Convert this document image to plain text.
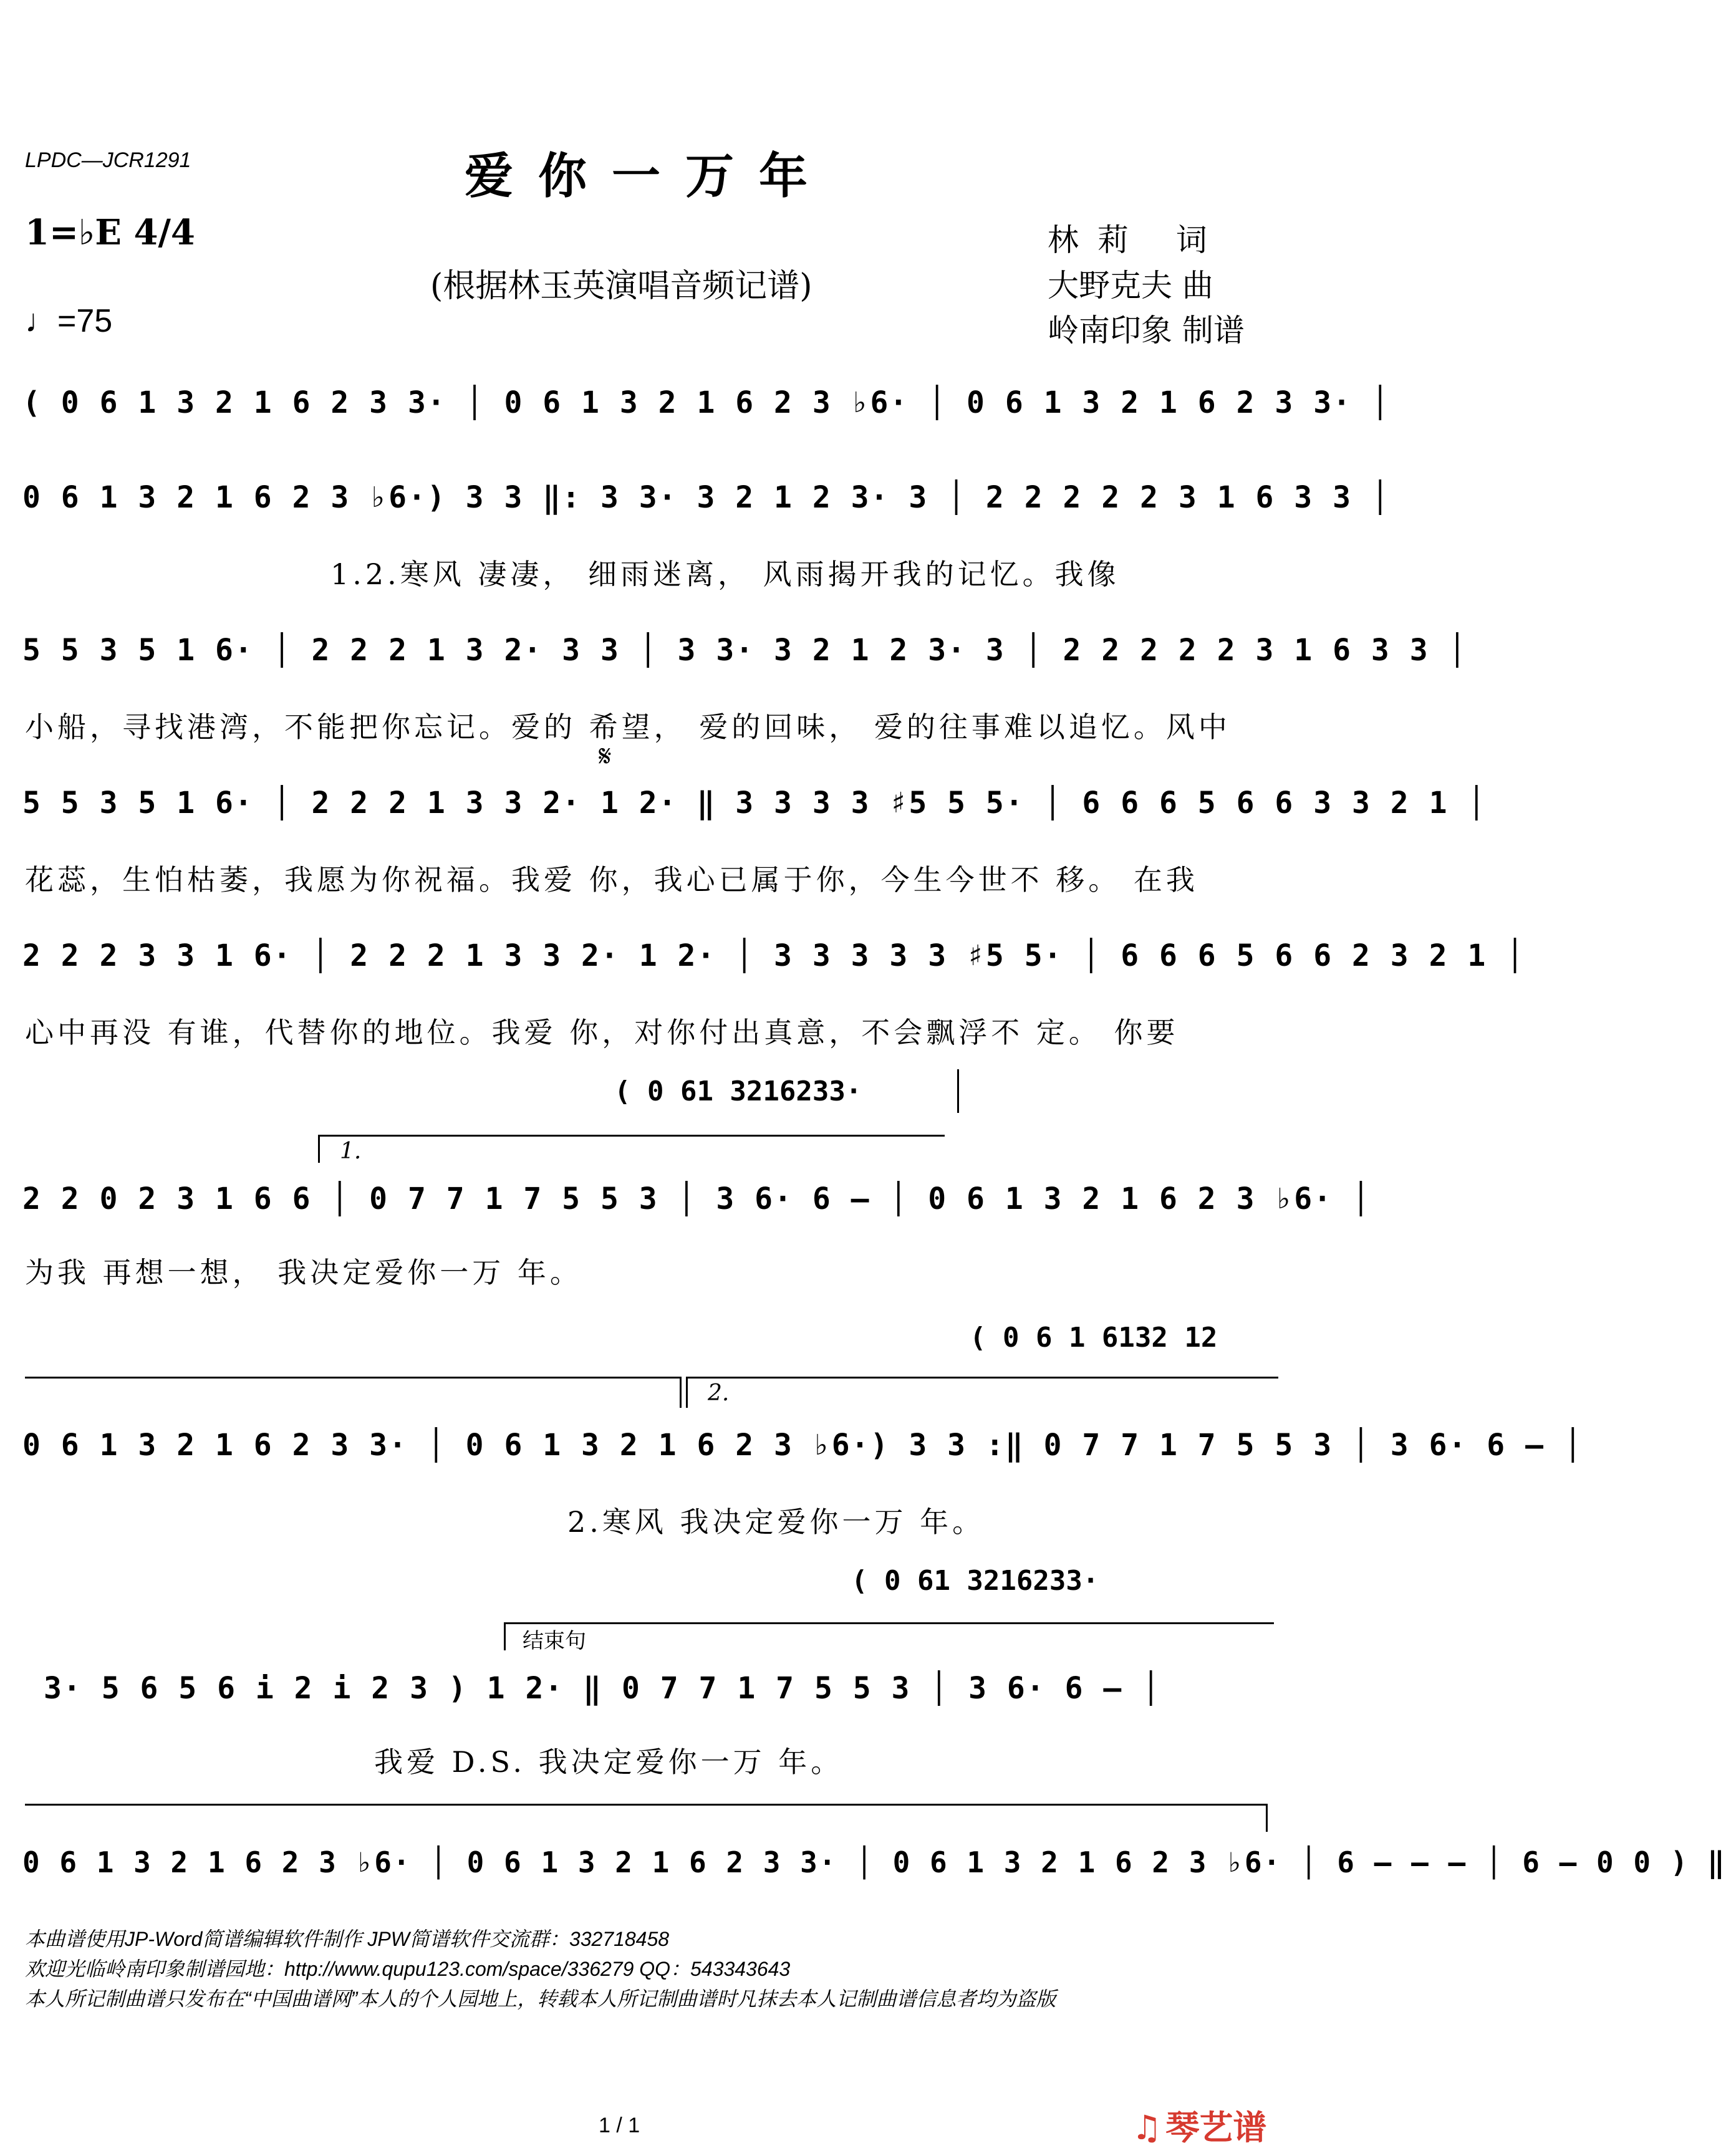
LPDC—JCR1291	爱你一万年
1=♭E 4/4
♩=75
(根据林玉英演唱音频记谱)
林莉 词
大野克夫 曲
岭南印象 制谱
( 0 6 1 3 2 1 6 2 3 3· │ 0 6 1 3 2 1 6 2 3 ♭6· │ 0 6 1 3 2 1 6 2 3 3· │
0 6 1 3 2 1 6 2 3 ♭6·) 3 3 ‖: 3 3· 3 2 1 2 3· 3 │ 2 2 2 2 2 3 1 6 3 3 │
1.2.寒风 凄凄， 细雨迷离， 风雨揭开我的记忆。我像
5 5 3 5 1 6· │ 2 2 2 1 3 2· 3 3 │ 3 3· 3 2 1 2 3· 3 │ 2 2 2 2 2 3 1 6 3 3 │
小船，寻找港湾，不能把你忘记。爱的 希望， 爱的回味， 爱的往事难以追忆。风中
𝄋
5 5 3 5 1 6· │ 2 2 2 1 3 3 2· 1 2· ‖ 3 3 3 3 ♯5 5 5· │ 6 6 6 5 6 6 3 3 2 1 │
花蕊，生怕枯萎，我愿为你祝福。我爱 你，我心已属于你，今生今世不 移。 在我
2 2 2 3 3 1 6· │ 2 2 2 1 3 3 2· 1 2· │ 3 3 3 3 3 ♯5 5· │ 6 6 6 5 6 6 2 3 2 1 │
心中再没 有谁，代替你的地位。我爱 你，对你付出真意，不会飘浮不 定。 你要
( 0 61 3216233·
1.
2 2 0 2 3 1 6 6 │ 0 7 7 1 7 5 5 3 │ 3 6· 6 – │ 0 6 1 3 2 1 6 2 3 ♭6· │
为我 再想一想， 我决定爱你一万 年。
( 0 6 1 6132 12
2.
0 6 1 3 2 1 6 2 3 3· │ 0 6 1 3 2 1 6 2 3 ♭6·) 3 3 :‖ 0 7 7 1 7 5 5 3 │ 3 6· 6 – │
2.寒风 我决定爱你一万 年。
( 0 61 3216233·
结束句
3· 5 6 5 6 i 2 i 2 3 ) 1 2· ‖ 0 7 7 1 7 5 5 3 │ 3 6· 6 – │
我爱 D.S. 我决定爱你一万 年。
0 6 1 3 2 1 6 2 3 ♭6· │ 0 6 1 3 2 1 6 2 3 3· │ 0 6 1 3 2 1 6 2 3 ♭6· │ 6 – – – │ 6 – 0 0 ) ‖
本曲谱使用JP-Word简谱编辑软件制作 JPW简谱软件交流群：332718458
欢迎光临岭南印象制谱园地：http://www.qupu123.com/space/336279 QQ：543343643
本人所记制曲谱只发布在“中国曲谱网”本人的个人园地上，转载本人所记制曲谱时凡抹去本人记制曲谱信息者均为盗版
1 / 1	♫ 琴艺谱
